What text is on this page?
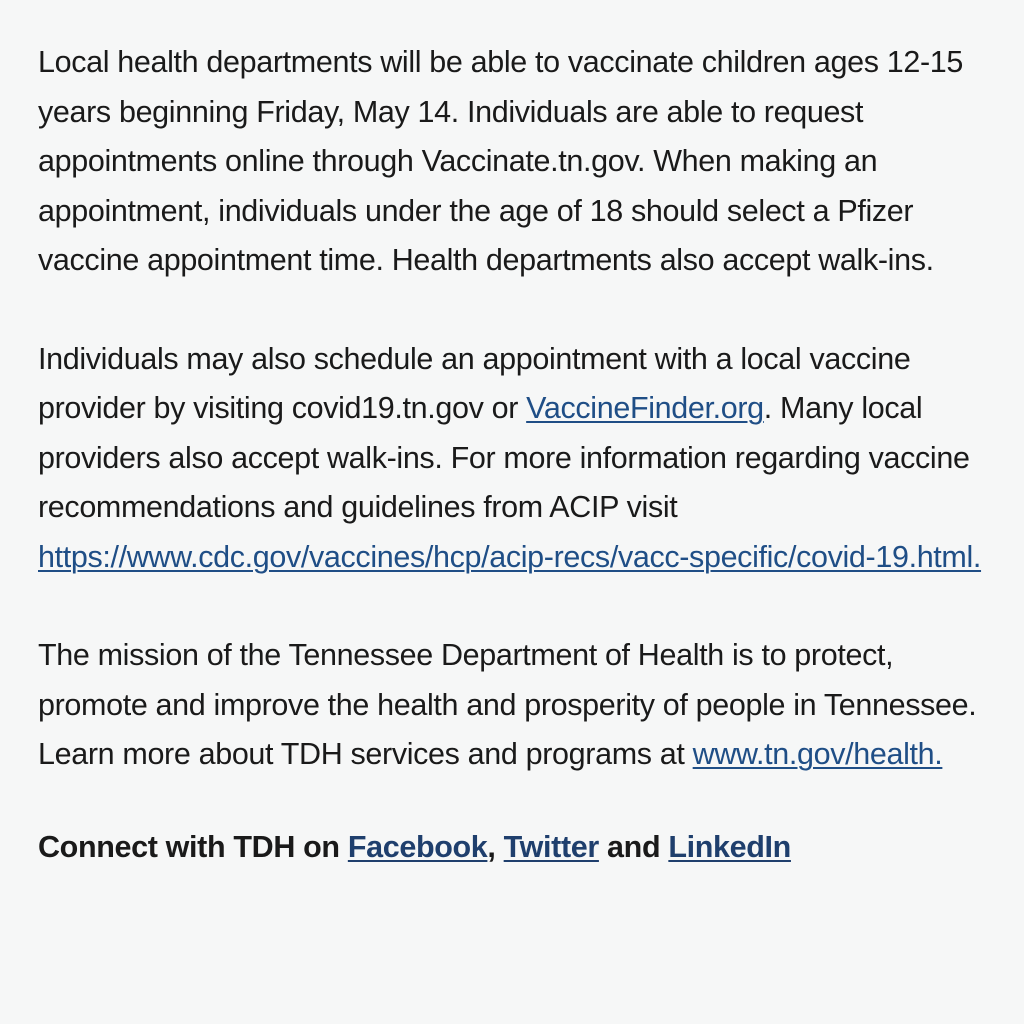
Local health departments will be able to vaccinate children ages 12-15 years beginning Friday, May 14. Individuals are able to request appointments online through Vaccinate.tn.gov. When making an appointment, individuals under the age of 18 should select a Pfizer vaccine appointment time. Health departments also accept walk-ins.

Individuals may also schedule an appointment with a local vaccine provider by visiting covid19.tn.gov or VaccineFinder.org. Many local providers also accept walk-ins. For more information regarding vaccine recommendations and guidelines from ACIP visit https://www.cdc.gov/vaccines/hcp/acip-recs/vacc-specific/covid-19.html.

The mission of the Tennessee Department of Health is to protect, promote and improve the health and prosperity of people in Tennessee. Learn more about TDH services and programs at www.tn.gov/health.

Connect with TDH on Facebook, Twitter and LinkedIn
